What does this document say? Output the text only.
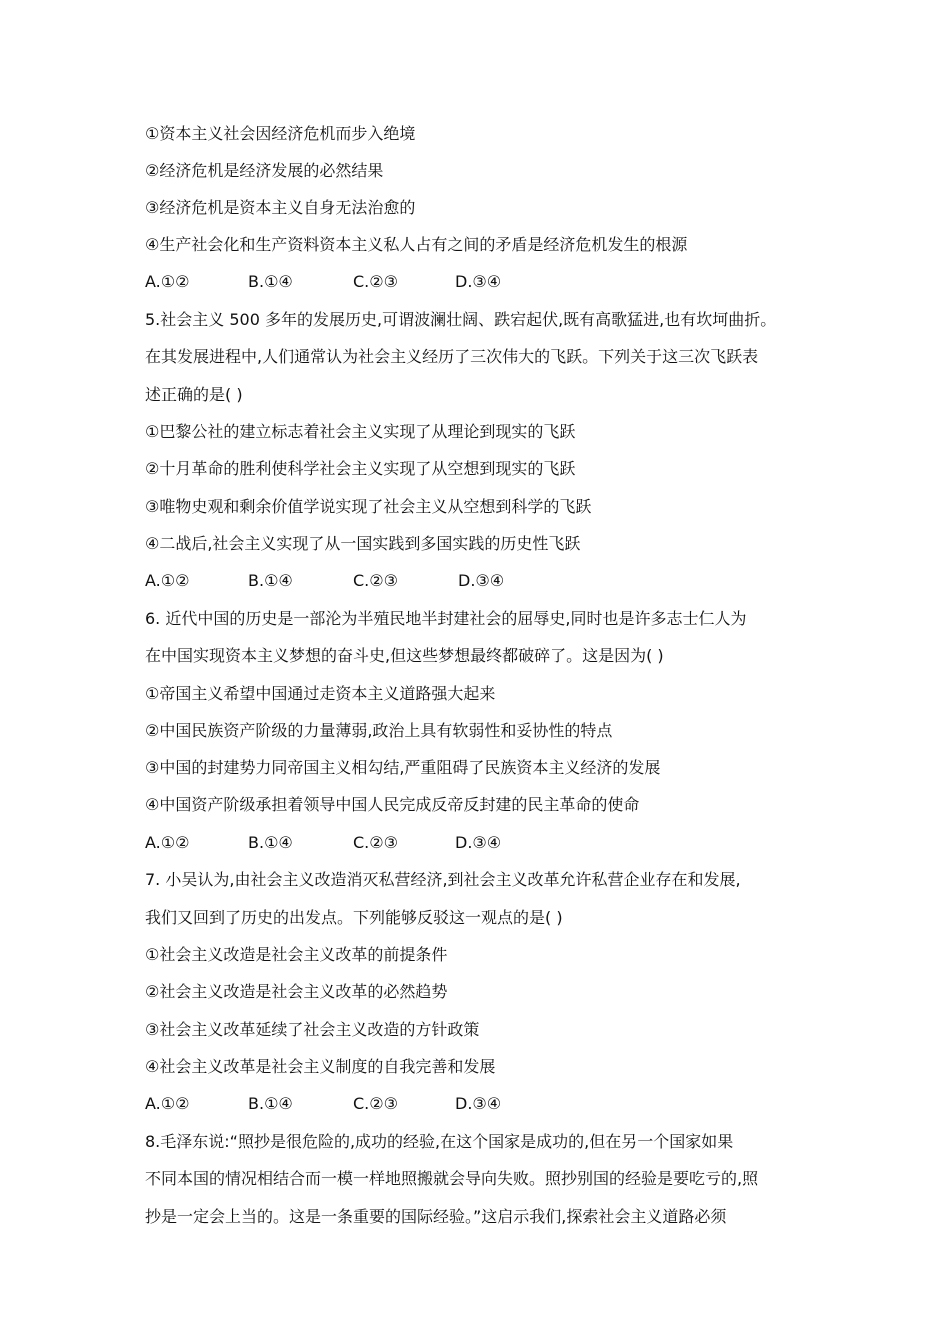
①资本主义社会因经济危机而步入绝境
②经济危机是经济发展的必然结果
③经济危机是资本主义自身无法治愈的
④生产社会化和生产资料资本主义私人占有之间的矛盾是经济危机发生的根源
A.①②	B.①④	C.②③	D.③④
5.社会主义 500 多年的发展历史,可谓波澜壮阔、跌宕起伏,既有高歌猛进,也有坎坷曲折。
在其发展进程中,人们通常认为社会主义经历了三次伟大的飞跃。下列关于这三次飞跃表
述正确的是( )
①巴黎公社的建立标志着社会主义实现了从理论到现实的飞跃
②十月革命的胜利使科学社会主义实现了从空想到现实的飞跃
③唯物史观和剩余价值学说实现了社会主义从空想到科学的飞跃
④二战后,社会主义实现了从一国实践到多国实践的历史性飞跃
A.①②	B.①④	C.②③	D.③④
6. 近代中国的历史是一部沦为半殖民地半封建社会的屈辱史,同时也是许多志士仁人为
在中国实现资本主义梦想的奋斗史,但这些梦想最终都破碎了。这是因为( )
①帝国主义希望中国通过走资本主义道路强大起来
②中国民族资产阶级的力量薄弱,政治上具有软弱性和妥协性的特点
③中国的封建势力同帝国主义相勾结,严重阻碍了民族资本主义经济的发展
④中国资产阶级承担着领导中国人民完成反帝反封建的民主革命的使命
A.①②	B.①④	C.②③	D.③④
7. 小吴认为,由社会主义改造消灭私营经济,到社会主义改革允许私营企业存在和发展,
我们又回到了历史的出发点。下列能够反驳这一观点的是( )
①社会主义改造是社会主义改革的前提条件
②社会主义改造是社会主义改革的必然趋势
③社会主义改革延续了社会主义改造的方针政策
④社会主义改革是社会主义制度的自我完善和发展
A.①②	B.①④	C.②③	D.③④
8.毛泽东说:“照抄是很危险的,成功的经验,在这个国家是成功的,但在另一个国家如果
不同本国的情况相结合而一模一样地照搬就会导向失败。照抄别国的经验是要吃亏的,照
抄是一定会上当的。这是一条重要的国际经验。”这启示我们,探索社会主义道路必须
